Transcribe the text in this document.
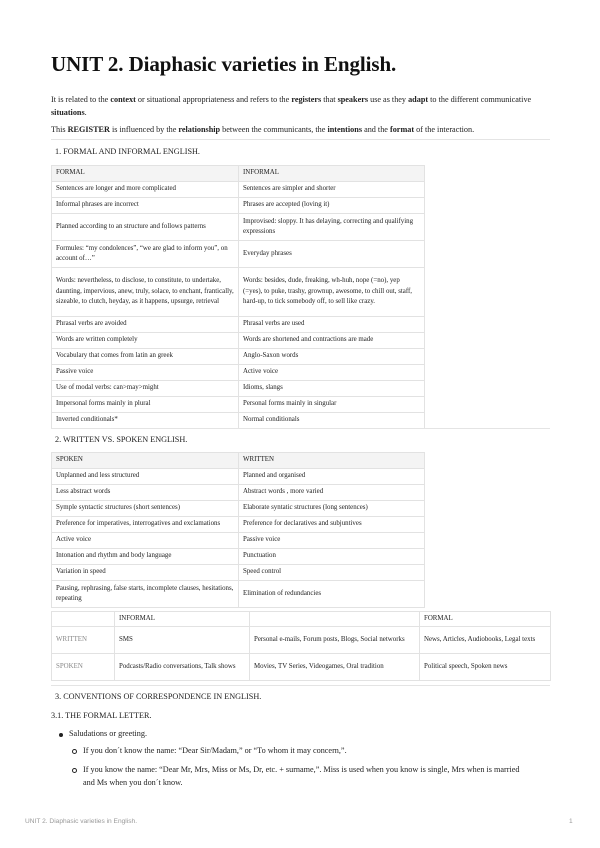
UNIT 2. Diaphasic varieties in English.

It is related to the context or situational appropriateness and refers to the registers that speakers use as they adapt to the different communicative situations.

This REGISTER is influenced by the relationship between the communicants, the intentions and the format of the interaction.

1. FORMAL AND INFORMAL ENGLISH.
FORMAL	INFORMAL
Sentences are longer and more complicated	Sentences are simpler and shorter
Informal phrases are incorrect	Phrases are accepted (loving it)
Planned according to an structure and follows patterns	Improvised: sloppy. It has delaying, correcting and qualifying expressions
Formules: “my condolences”, “we are glad to inform you”, on account of…”	Everyday phrases
Words: nevertheless, to disclose, to constitute, to undertake, daunting, impervious, anew, truly, solace, to enchant, frantically, sizeable, to clutch, heyday, as it happens, upsurge, retrieval	Words: besides, dude, freaking, wh-huh, nope (=no), yep (=yes), to puke, trashy, grownup, awesome, to chill out, staff, hard-up, to tick somebody off, to sell like crazy.
Phrasal verbs are avoided	Phrasal verbs are used
Words are written completely	Words are shortened and contractions are made
Vocabulary that comes from latin an greek	Anglo-Saxon words
Passive voice	Active voice
Use of modal verbs: can>may>might	Idioms, slangs
Impersonal forms mainly in plural	Personal forms mainly in singular
Inverted conditionals*	Normal conditionals
2. WRITTEN VS. SPOKEN ENGLISH.
SPOKEN	WRITTEN
Unplanned and less structured	Planned and organised
Less abstract words	Abstract words , more varied
Symple syntactic structures (short sentences)	Elaborate syntatic structures (long sentences)
Preference for imperatives, interrogatives and exclamations	Preference for declaratives and subjuntives
Active voice	Passive voice
Intonation and rhythm and body language	Punctuation
Variation in speed	Speed control
Pausing, rephrasing, false starts, incomplete clauses, hesitations, repeating	Elimination of redundancies
	INFORMAL		FORMAL
WRITTEN	SMS	Personal e-mails, Forum posts, Blogs, Social networks	News, Articles, Audiobooks, Legal texts
SPOKEN	Podcasts/Radio conversations, Talk shows	Movies, TV Series, Videogames, Oral tradition	Political speech, Spoken news
3. CONVENTIONS OF CORRESPONDENCE IN ENGLISH.
3.1. THE FORMAL LETTER.
Saludations or greeting.
If you don´t know the name: “Dear Sir/Madam,” or “To whom it may concern,”.
If you know the name: “Dear Mr, Mrs, Miss or Ms, Dr, etc. + surname,”. Miss is used when you know is single, Mrs when is married
and Ms when you don´t know.
UNIT 2. Diaphasic varieties in English.	1
